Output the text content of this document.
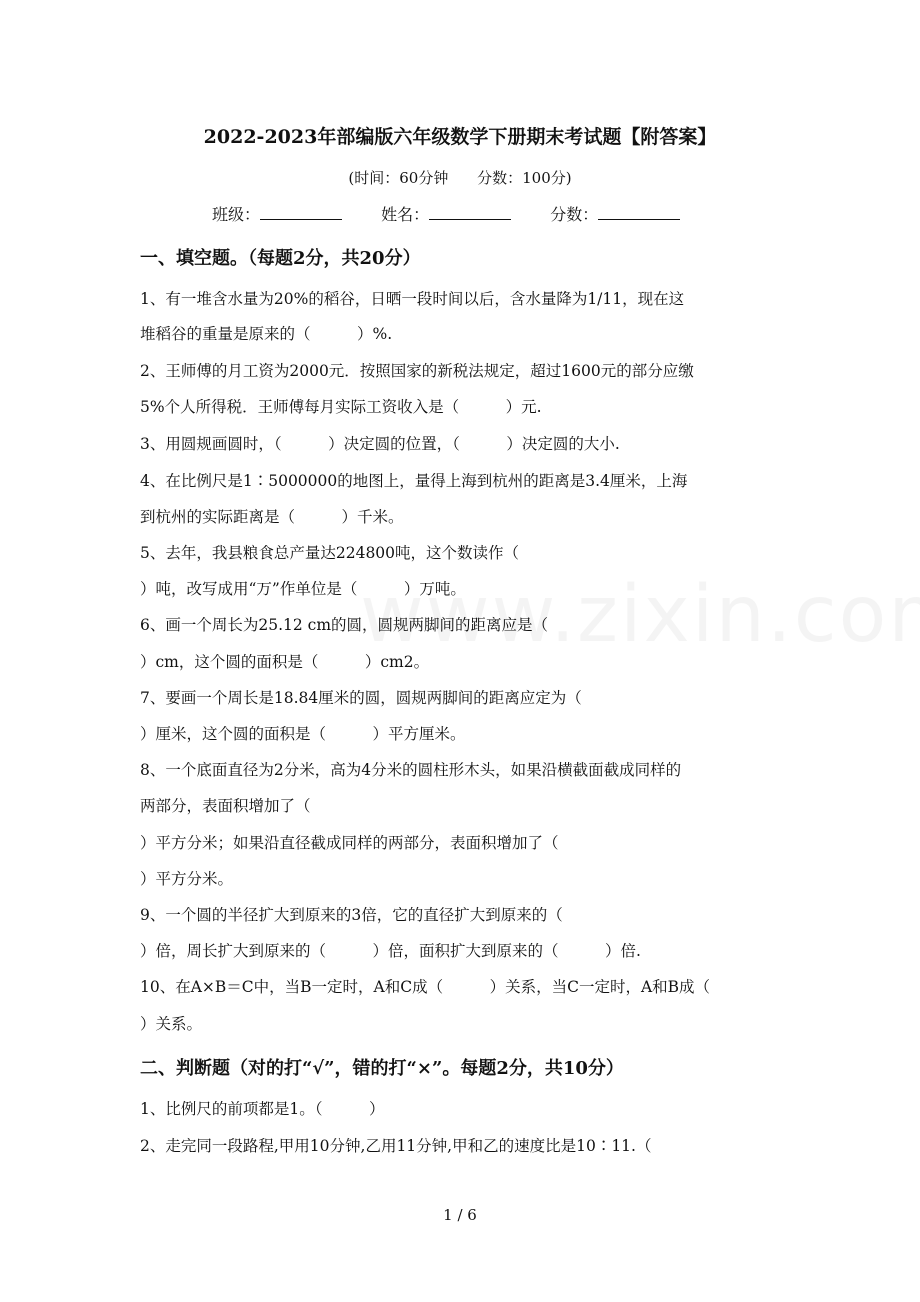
2022-2023年部编版六年级数学下册期末考试题【附答案】
(时间：60分钟 分数：100分)
班级：	姓名：	分数：
一、填空题。（每题2分，共20分）
1、有一堆含水量为20%的稻谷，日晒一段时间以后，含水量降为1/11，现在这
堆稻谷的重量是原来的（　　　）%.
2、王师傅的月工资为2000元．按照国家的新税法规定，超过1600元的部分应缴
5%个人所得税．王师傅每月实际工资收入是（　　　）元.
3、用圆规画圆时，（　　　）决定圆的位置，（　　　）决定圆的大小.
4、在比例尺是1∶5000000的地图上，量得上海到杭州的距离是3.4厘米，上海
到杭州的实际距离是（　　　）千米。
5、去年，我县粮食总产量达224800吨，这个数读作（
）吨，改写成用“万”作单位是（　　　）万吨。
6、画一个周长为25.12 cm的圆，圆规两脚间的距离应是（
）cm，这个圆的面积是（　　　）cm2。
7、要画一个周长是18.84厘米的圆，圆规两脚间的距离应定为（
）厘米，这个圆的面积是（　　　）平方厘米。
8、一个底面直径为2分米，高为4分米的圆柱形木头，如果沿横截面截成同样的
两部分，表面积增加了（
）平方分米；如果沿直径截成同样的两部分，表面积增加了（
）平方分米。
9、一个圆的半径扩大到原来的3倍，它的直径扩大到原来的（
）倍，周长扩大到原来的（　　　）倍，面积扩大到原来的（　　　）倍.
10、在A×B＝C中，当B一定时，A和C成（　　　）关系，当C一定时，A和B成（
）关系。
二、判断题（对的打“√”，错的打“×”。每题2分，共10分）
1、比例尺的前项都是1。（　　　）
2、走完同一段路程,甲用10分钟,乙用11分钟,甲和乙的速度比是10∶11.（
1 / 6
